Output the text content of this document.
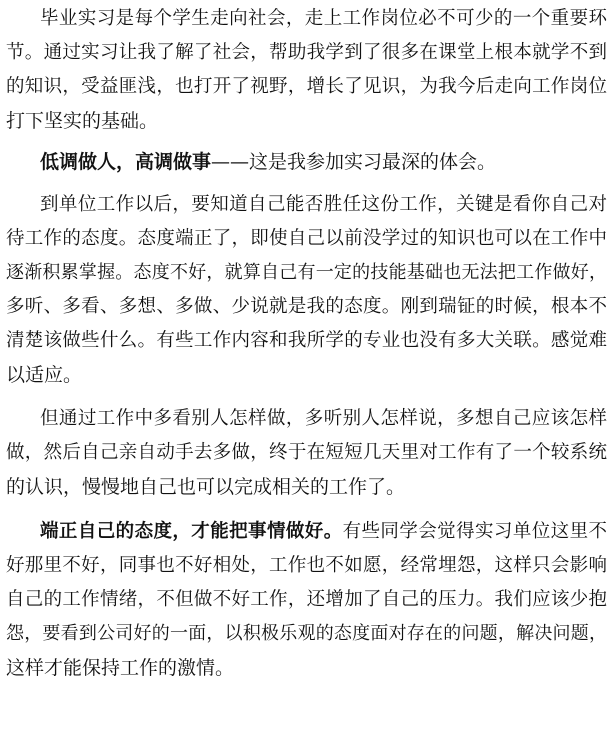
毕业实习是每个学生走向社会，走上工作岗位必不可少的一个重要环
节。通过实习让我了解了社会，帮助我学到了很多在课堂上根本就学不到
的知识，受益匪浅，也打开了视野，增长了见识，为我今后走向工作岗位
打下坚实的基础。
低调做人，高调做事——这是我参加实习最深的体会。
到单位工作以后，要知道自己能否胜任这份工作，关键是看你自己对
待工作的态度。态度端正了，即使自己以前没学过的知识也可以在工作中
逐渐积累掌握。态度不好，就算自己有一定的技能基础也无法把工作做好，
多听、多看、多想、多做、少说就是我的态度。刚到瑞钲的时候，根本不
清楚该做些什么。有些工作内容和我所学的专业也没有多大关联。感觉难
以适应。
但通过工作中多看别人怎样做，多听别人怎样说，多想自己应该怎样
做，然后自己亲自动手去多做，终于在短短几天里对工作有了一个较系统
的认识，慢慢地自己也可以完成相关的工作了。
端正自己的态度，才能把事情做好。有些同学会觉得实习单位这里不
好那里不好，同事也不好相处，工作也不如愿，经常埋怨，这样只会影响
自己的工作情绪，不但做不好工作，还增加了自己的压力。我们应该少抱
怨，要看到公司好的一面，以积极乐观的态度面对存在的问题，解决问题，
这样才能保持工作的激情。
